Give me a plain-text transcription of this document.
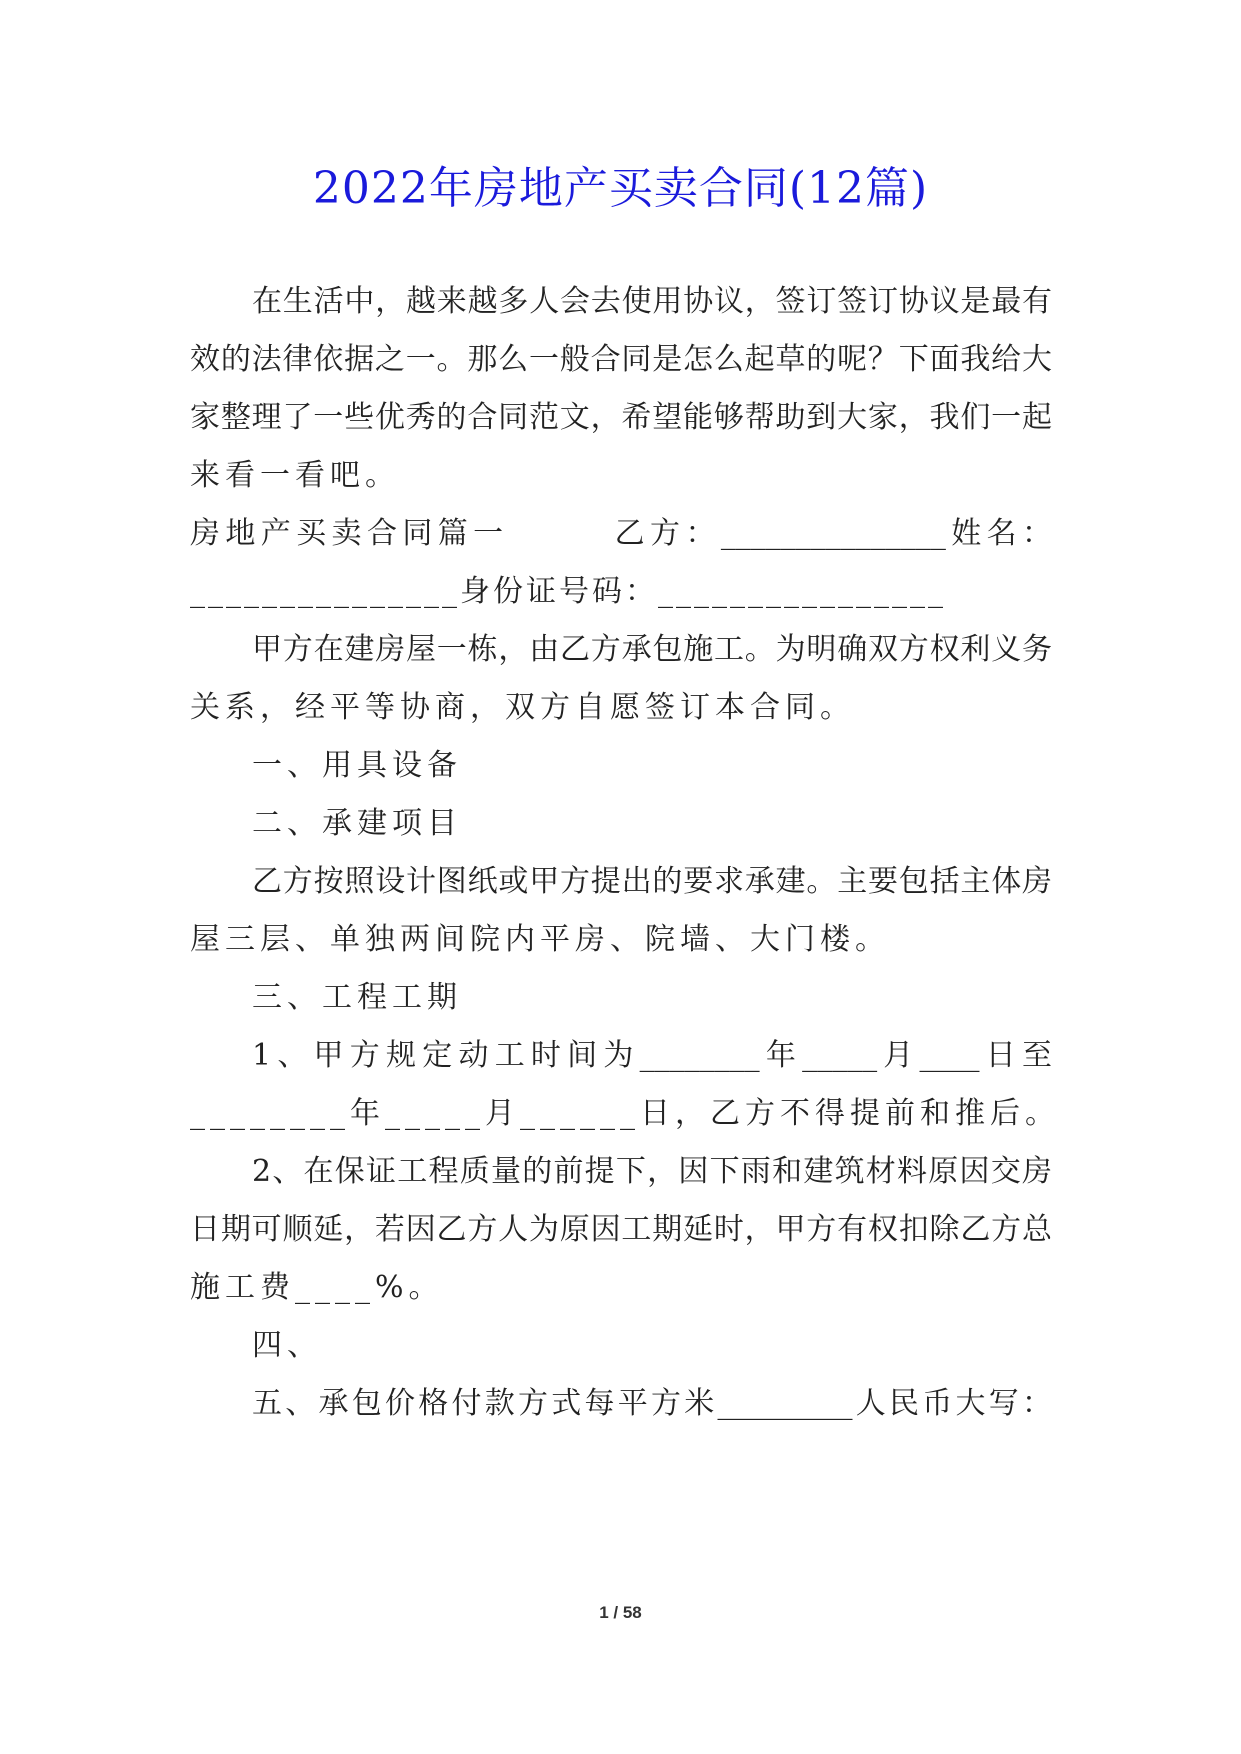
2022年房地产买卖合同(12篇)
在生活中，越来越多人会去使用协议，签订签订协议是最有
效的法律依据之一。那么一般合同是怎么起草的呢？下面我给大
家整理了一些优秀的合同范文，希望能够帮助到大家，我们一起
来看一看吧。
房地产买卖合同篇一　　　乙方：_______________姓名：
_______________身份证号码：________________
甲方在建房屋一栋，由乙方承包施工。为明确双方权利义务
关系，经平等协商，双方自愿签订本合同。
一、用具设备
二、承建项目
乙方按照设计图纸或甲方提出的要求承建。主要包括主体房
屋三层、单独两间院内平房、院墙、大门楼。
三、工程工期
1、甲方规定动工时间为________年_____月____日至
________年_____月______日，乙方不得提前和推后。
2、在保证工程质量的前提下，因下雨和建筑材料原因交房
日期可顺延，若因乙方人为原因工期延时，甲方有权扣除乙方总
施工费____%。
四、
五、承包价格付款方式每平方米_________人民币大写：
1 / 58
